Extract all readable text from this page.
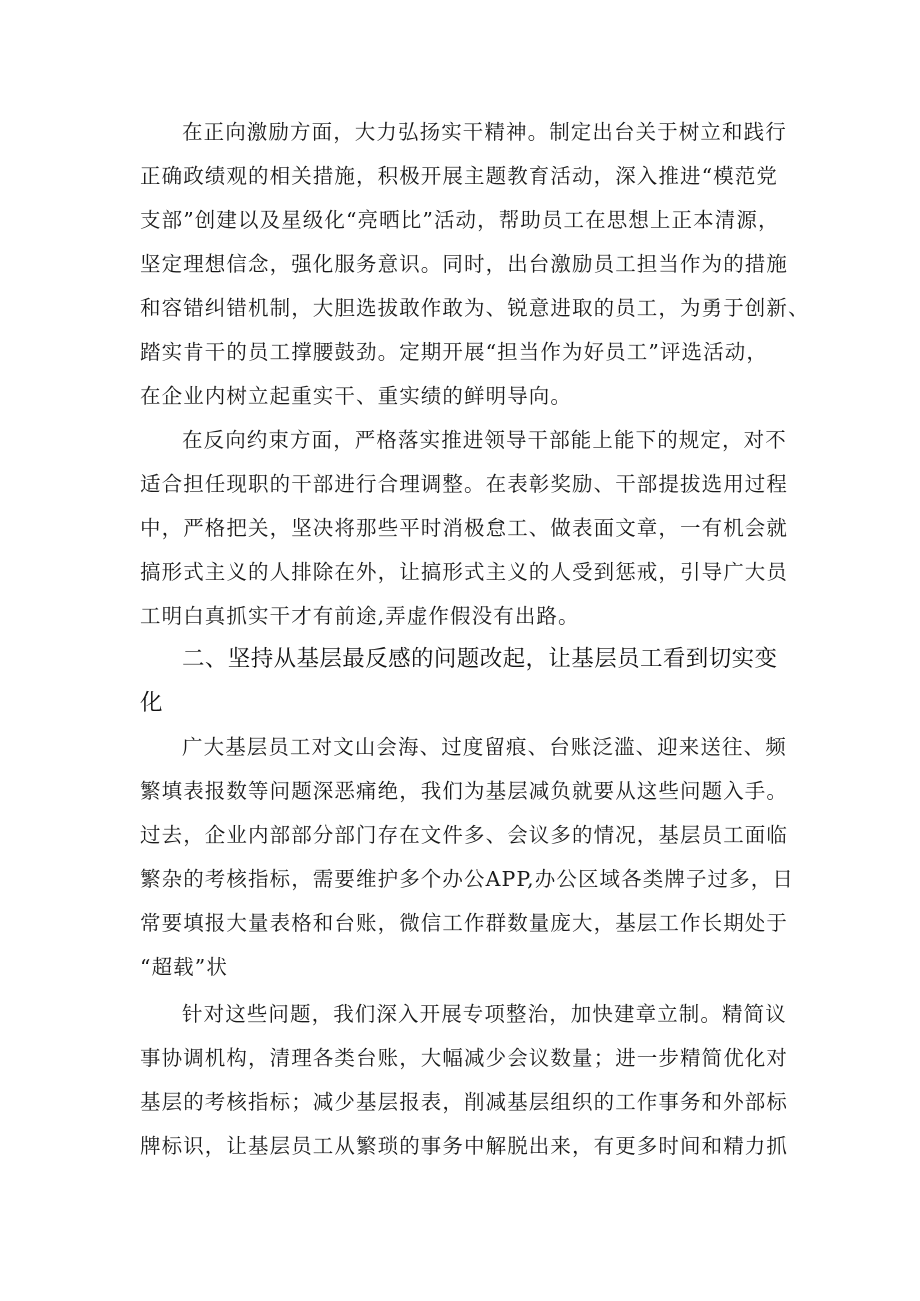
在正向激励方面，大力弘扬实干精神。制定出台关于树立和践行
正确政绩观的相关措施，积极开展主题教育活动，深入推进“模范党
支部”创建以及星级化“亮晒比”活动，帮助员工在思想上正本清源，
坚定理想信念，强化服务意识。同时，出台激励员工担当作为的措施
和容错纠错机制，大胆选拔敢作敢为、锐意进取的员工，为勇于创新、
踏实肯干的员工撑腰鼓劲。定期开展“担当作为好员工”评选活动，
在企业内树立起重实干、重实绩的鲜明导向。
在反向约束方面，严格落实推进领导干部能上能下的规定，对不
适合担任现职的干部进行合理调整。在表彰奖励、干部提拔选用过程
中，严格把关，坚决将那些平时消极怠工、做表面文章，一有机会就
搞形式主义的人排除在外，让搞形式主义的人受到惩戒，引导广大员
工明白真抓实干才有前途,弄虚作假没有出路。
二、坚持从基层最反感的问题改起，让基层员工看到切实变
化
广大基层员工对文山会海、过度留痕、台账泛滥、迎来送往、频
繁填表报数等问题深恶痛绝，我们为基层减负就要从这些问题入手。
过去，企业内部部分部门存在文件多、会议多的情况，基层员工面临
繁杂的考核指标，需要维护多个办公APP,办公区域各类牌子过多，日
常要填报大量表格和台账，微信工作群数量庞大，基层工作长期处于
“超载”状
针对这些问题，我们深入开展专项整治，加快建章立制。精简议
事协调机构，清理各类台账，大幅减少会议数量；进一步精简优化对
基层的考核指标；减少基层报表，削减基层组织的工作事务和外部标
牌标识，让基层员工从繁琐的事务中解脱出来，有更多时间和精力抓
